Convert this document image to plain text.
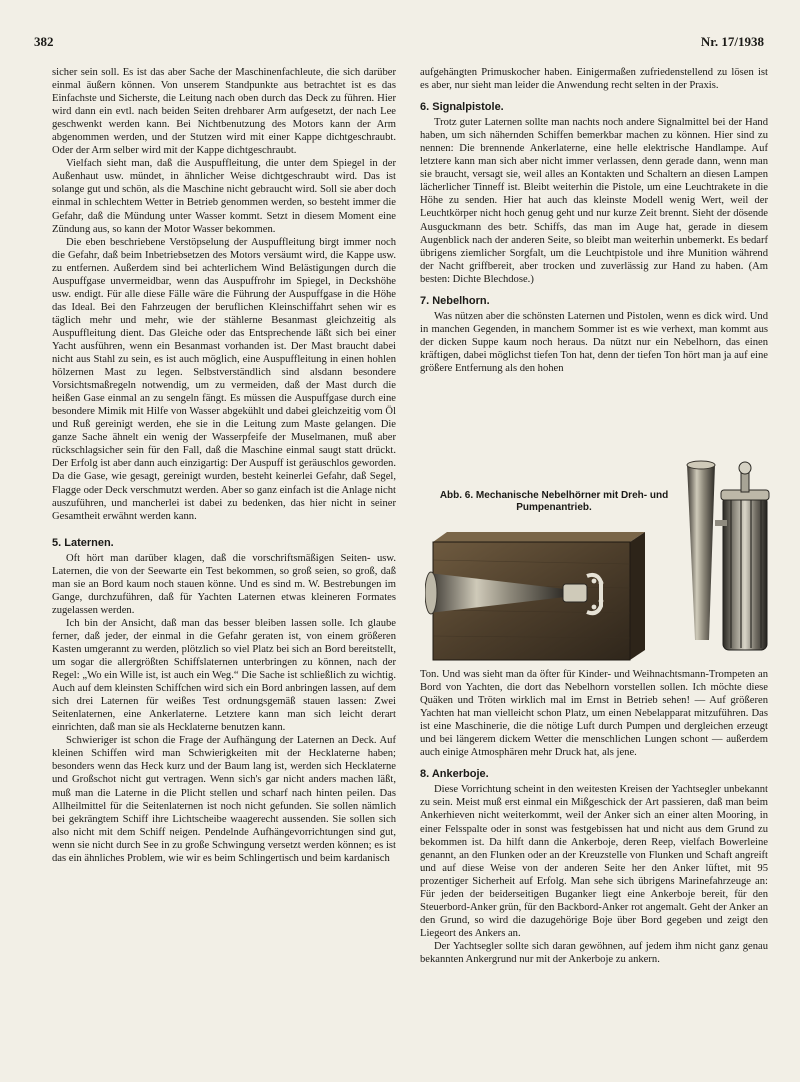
382	Nr. 17/1938

sicher sein soll. Es ist das aber Sache der Maschinenfachleute, die sich darüber einmal äußern können. Von unserem Standpunkte aus betrachtet ist es das Einfachste und Sicherste, die Leitung nach oben durch das Deck zu führen. Hier wird dann ein evtl. nach beiden Seiten drehbarer Arm aufgesetzt, der nach Lee geschwenkt werden kann. Bei Nichtbenutzung des Motors kann der Arm abgenommen werden, und der Stutzen wird mit einer Kappe dichtgeschraubt. Oder der Arm selber wird mit der Kappe dichtgeschraubt.

Vielfach sieht man, daß die Auspuffleitung, die unter dem Spiegel in der Außenhaut usw. mündet, in ähnlicher Weise dichtgeschraubt wird. Das ist solange gut und schön, als die Maschine nicht gebraucht wird. Soll sie aber doch einmal in schlechtem Wetter in Betrieb genommen werden, so besteht immer die Gefahr, daß die Mündung unter Wasser kommt. Setzt in diesem Moment eine Zündung aus, so kann der Motor Wasser bekommen.

Die eben beschriebene Verstöpselung der Auspuffleitung birgt immer noch die Gefahr, daß beim Inbetriebsetzen des Motors versäumt wird, die Kappe usw. zu entfernen. Außerdem sind bei achterlichem Wind Belästigungen durch die Auspuffgase unvermeidbar, wenn das Auspuffrohr im Spiegel, in Deckshöhe usw. endigt. Für alle diese Fälle wäre die Führung der Auspuffgase in die Höhe das Ideal. Bei den Fahrzeugen der beruflichen Kleinschiffahrt sehen wir es täglich mehr und mehr, wie der stählerne Besanmast gleichzeitig als Auspuffleitung dient. Das Gleiche oder das Entsprechende läßt sich bei einer Yacht ausführen, wenn ein Besanmast vorhanden ist. Der Mast braucht dabei nicht aus Stahl zu sein, es ist auch möglich, eine Auspuffleitung in einen hohlen hölzernen Mast zu legen. Selbstverständlich sind alsdann besondere Vorsichtsmaßregeln notwendig, um zu vermeiden, daß der Mast durch die heißen Gase einmal an zu sengeln fängt. Es müssen die Auspuffgase durch eine besondere Mimik mit Hilfe von Wasser abgekühlt und dabei gleichzeitig vom Öl und Ruß gereinigt werden, ehe sie in die Leitung zum Maste gelangen. Die ganze Sache ähnelt ein wenig der Wasserpfeife der Muselmanen, muß aber rückschlagsicher sein für den Fall, daß die Maschine einmal saugt statt drückt. Der Erfolg ist aber dann auch einzigartig: Der Auspuff ist geräuschlos geworden. Da die Gase, wie gesagt, gereinigt wurden, besteht keinerlei Gefahr, daß Segel, Flagge oder Deck verschmutzt werden. Aber so ganz einfach ist die Anlage nicht auszuführen, und mancherlei ist dabei zu bedenken, das hier nicht in seiner Gesamtheit erwähnt werden kann.

5. Laternen.

Oft hört man darüber klagen, daß die vorschriftsmäßigen Seiten- usw. Laternen, die von der Seewarte ein Test bekommen, so groß seien, so groß, daß man sie an Bord kaum noch stauen könne. Und es sind m. W. Bestrebungen im Gange, durchzuführen, daß für Yachten Laternen etwas kleineren Formates zugelassen werden.

Ich bin der Ansicht, daß man das besser bleiben lassen solle. Ich glaube ferner, daß jeder, der einmal in die Gefahr geraten ist, von einem größeren Kasten umgerannt zu werden, plötzlich so viel Platz bei sich an Bord bereitstellt, um sogar die allergrößten Schiffslaternen unterbringen zu können, nach der Regel: „Wo ein Wille ist, ist auch ein Weg.“ Die Sache ist schließlich zu wichtig. Auch auf dem kleinsten Schiffchen wird sich ein Bord anbringen lassen, auf dem sich drei Laternen für weißes Test ordnungsgemäß stauen lassen: Zwei Seitenlaternen, eine Ankerlaterne. Letztere kann man sich leicht derart einrichten, daß man sie als Hecklaterne benutzen kann.

Schwieriger ist schon die Frage der Aufhängung der Laternen an Deck. Auf kleinen Schiffen wird man Schwierigkeiten mit der Hecklaterne haben; besonders wenn das Heck kurz und der Baum lang ist, werden sich Hecklaterne und Großschot nicht gut vertragen. Wenn sich's gar nicht anders machen läßt, muß man die Laterne in die Plicht stellen und scharf nach hinten peilen. Das Allheilmittel für die Seitenlaternen ist noch nicht gefunden. Sie sollen nämlich bei gekrängtem Schiff ihre Lichtscheibe waagerecht aussenden. Sie sollen sich also nicht mit dem Schiff neigen. Pendelnde Aufhängevorrichtungen sind gut, wenn sie nicht durch See in zu große Schwingung versetzt werden können; es ist das ein ähnliches Problem, wie wir es beim Schlingertisch und beim kardanisch

aufgehängten Primuskocher haben. Einigermaßen zufriedenstellend zu lösen ist es aber, nur sieht man leider die Anwendung recht selten in der Praxis.

6. Signalpistole.

Trotz guter Laternen sollte man nachts noch andere Signalmittel bei der Hand haben, um sich nähernden Schiffen bemerkbar machen zu können. Hier sind zu nennen: Die brennende Ankerlaterne, eine helle elektrische Handlampe. Auf letztere kann man sich aber nicht immer verlassen, denn gerade dann, wenn man sie braucht, versagt sie, weil alles an Kontakten und Schaltern an diesen Lampen lächerlicher Tinneff ist. Bleibt weiterhin die Pistole, um eine Leuchtrakete in die Höhe zu senden. Hier hat auch das kleinste Modell wenig Wert, weil der Leuchtkörper nicht hoch genug geht und nur kurze Zeit brennt. Sieht der dösende Ausguckmann des betr. Schiffs, das man im Auge hat, gerade in diesem Augenblick nach der anderen Seite, so bleibt man weiterhin unbemerkt. Es bedarf übrigens ziemlicher Sorgfalt, um die Leuchtpistole und ihre Munition während der Nacht griffbereit, aber trocken und zuverlässig zur Hand zu haben. (Am besten: Dichte Blechdose.)

7. Nebelhorn.

Was nützen aber die schönsten Laternen und Pistolen, wenn es dick wird. Und in manchen Gegenden, in manchem Sommer ist es wie verhext, man kommt aus der dicken Suppe kaum noch heraus. Da nützt nur ein Nebelhorn, das einen kräftigen, dabei möglichst tiefen Ton hat, denn der tiefen Ton hört man ja auf eine größere Entfernung als den hohen

Abb. 6. Mechanische Nebelhörner mit Dreh- und Pumpenantrieb.

Ton. Und was sieht man da öfter für Kinder- und Weihnachtsmann-Trompeten an Bord von Yachten, die dort das Nebelhorn vorstellen sollen. Ich möchte diese Quäken und Tröten wirklich mal im Ernst in Betrieb sehen! — Auf größeren Yachten hat man vielleicht schon Platz, um einen Nebelapparat mitzuführen. Das ist eine Maschinerie, die die nötige Luft durch Pumpen und dergleichen erzeugt und bei längerem dickem Wetter die menschlichen Lungen schont — außerdem auch einige Atmosphären mehr Druck hat, als jene.

8. Ankerboje.

Diese Vorrichtung scheint in den weitesten Kreisen der Yachtsegler unbekannt zu sein. Meist muß erst einmal ein Mißgeschick der Art passieren, daß man beim Ankerhieven nicht weiterkommt, weil der Anker sich an einer alten Mooring, in einer Felsspalte oder in sonst was festgebissen hat und nicht aus dem Grund zu bekommen ist. Da hilft dann die Ankerboje, deren Reep, vielfach Bowerleine genannt, an den Flunken oder an der Kreuzstelle von Flunken und Schaft angreift und auf diese Weise von der anderen Seite her den Anker lüftet, mit 95 prozentiger Sicherheit auf Erfolg. Man sehe sich übrigens Marinefahrzeuge an: Für jeden der beiderseitigen Buganker liegt eine Ankerboje bereit, für den Steuerbord-Anker grün, für den Backbord-Anker rot angemalt. Geht der Anker an den Grund, so wird die dazugehörige Boje über Bord gegeben und zeigt den Liegeort des Ankers an.

Der Yachtsegler sollte sich daran gewöhnen, auf jedem ihm nicht ganz genau bekannten Ankergrund nur mit der Ankerboje zu ankern.
